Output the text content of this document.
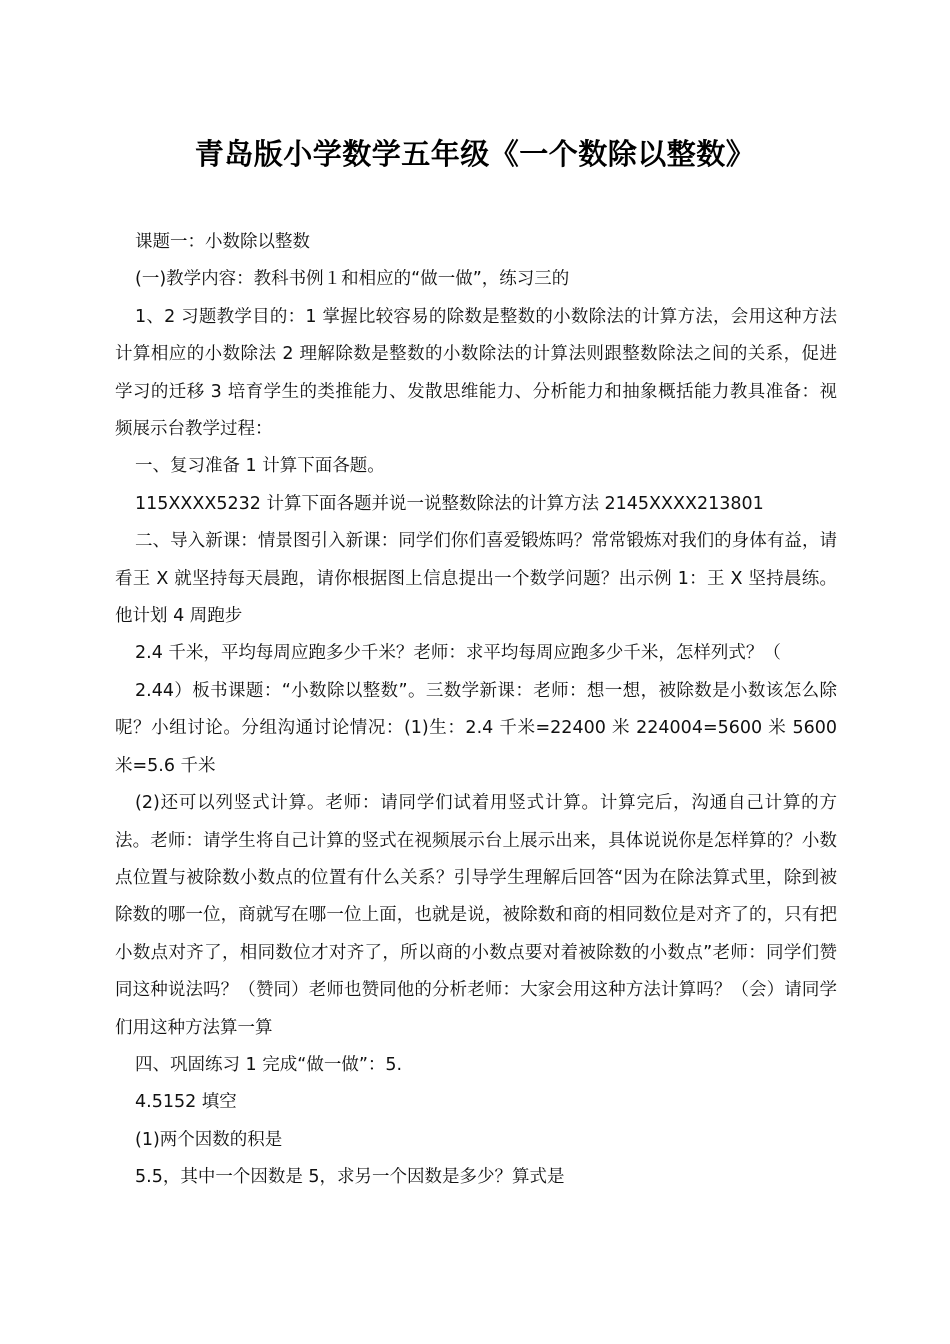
青岛版小学数学五年级《一个数除以整数》

课题一：小数除以整数

(一)教学内容：教科书例１和相应的“做一做”，练习三的

1、2 习题教学目的：1 掌握比较容易的除数是整数的小数除法的计算方法，会用这种方法计算相应的小数除法 2 理解除数是整数的小数除法的计算法则跟整数除法之间的关系，促进学习的迁移 3 培育学生的类推能力、发散思维能力、分析能力和抽象概括能力教具准备：视频展示台教学过程：

一、复习准备 1 计算下面各题。

115XXXX5232 计算下面各题并说一说整数除法的计算方法 2145XXXX213801

二、导入新课：情景图引入新课：同学们你们喜爱锻炼吗？常常锻炼对我们的身体有益，请看王 X 就坚持每天晨跑，请你根据图上信息提出一个数学问题？出示例 1：王 X 坚持晨练。他计划 4 周跑步

2.4 千米，平均每周应跑多少千米？老师：求平均每周应跑多少千米，怎样列式？（

2.44）板书课题：“小数除以整数”。三数学新课：老师：想一想，被除数是小数该怎么除呢？小组讨论。分组沟通讨论情况：(1)生：2.4 千米=22400 米 224004=5600 米 5600 米=5.6 千米

(2)还可以列竖式计算。老师：请同学们试着用竖式计算。计算完后，沟通自己计算的方法。老师：请学生将自己计算的竖式在视频展示台上展示出来，具体说说你是怎样算的？小数点位置与被除数小数点的位置有什么关系？引导学生理解后回答“因为在除法算式里，除到被除数的哪一位，商就写在哪一位上面，也就是说，被除数和商的相同数位是对齐了的，只有把小数点对齐了，相同数位才对齐了，所以商的小数点要对着被除数的小数点”老师：同学们赞同这种说法吗？（赞同）老师也赞同他的分析老师：大家会用这种方法计算吗？（会）请同学们用这种方法算一算

四、巩固练习 1 完成“做一做”：5.

4.5152 填空

(1)两个因数的积是

5.5，其中一个因数是 5，求另一个因数是多少？算式是
